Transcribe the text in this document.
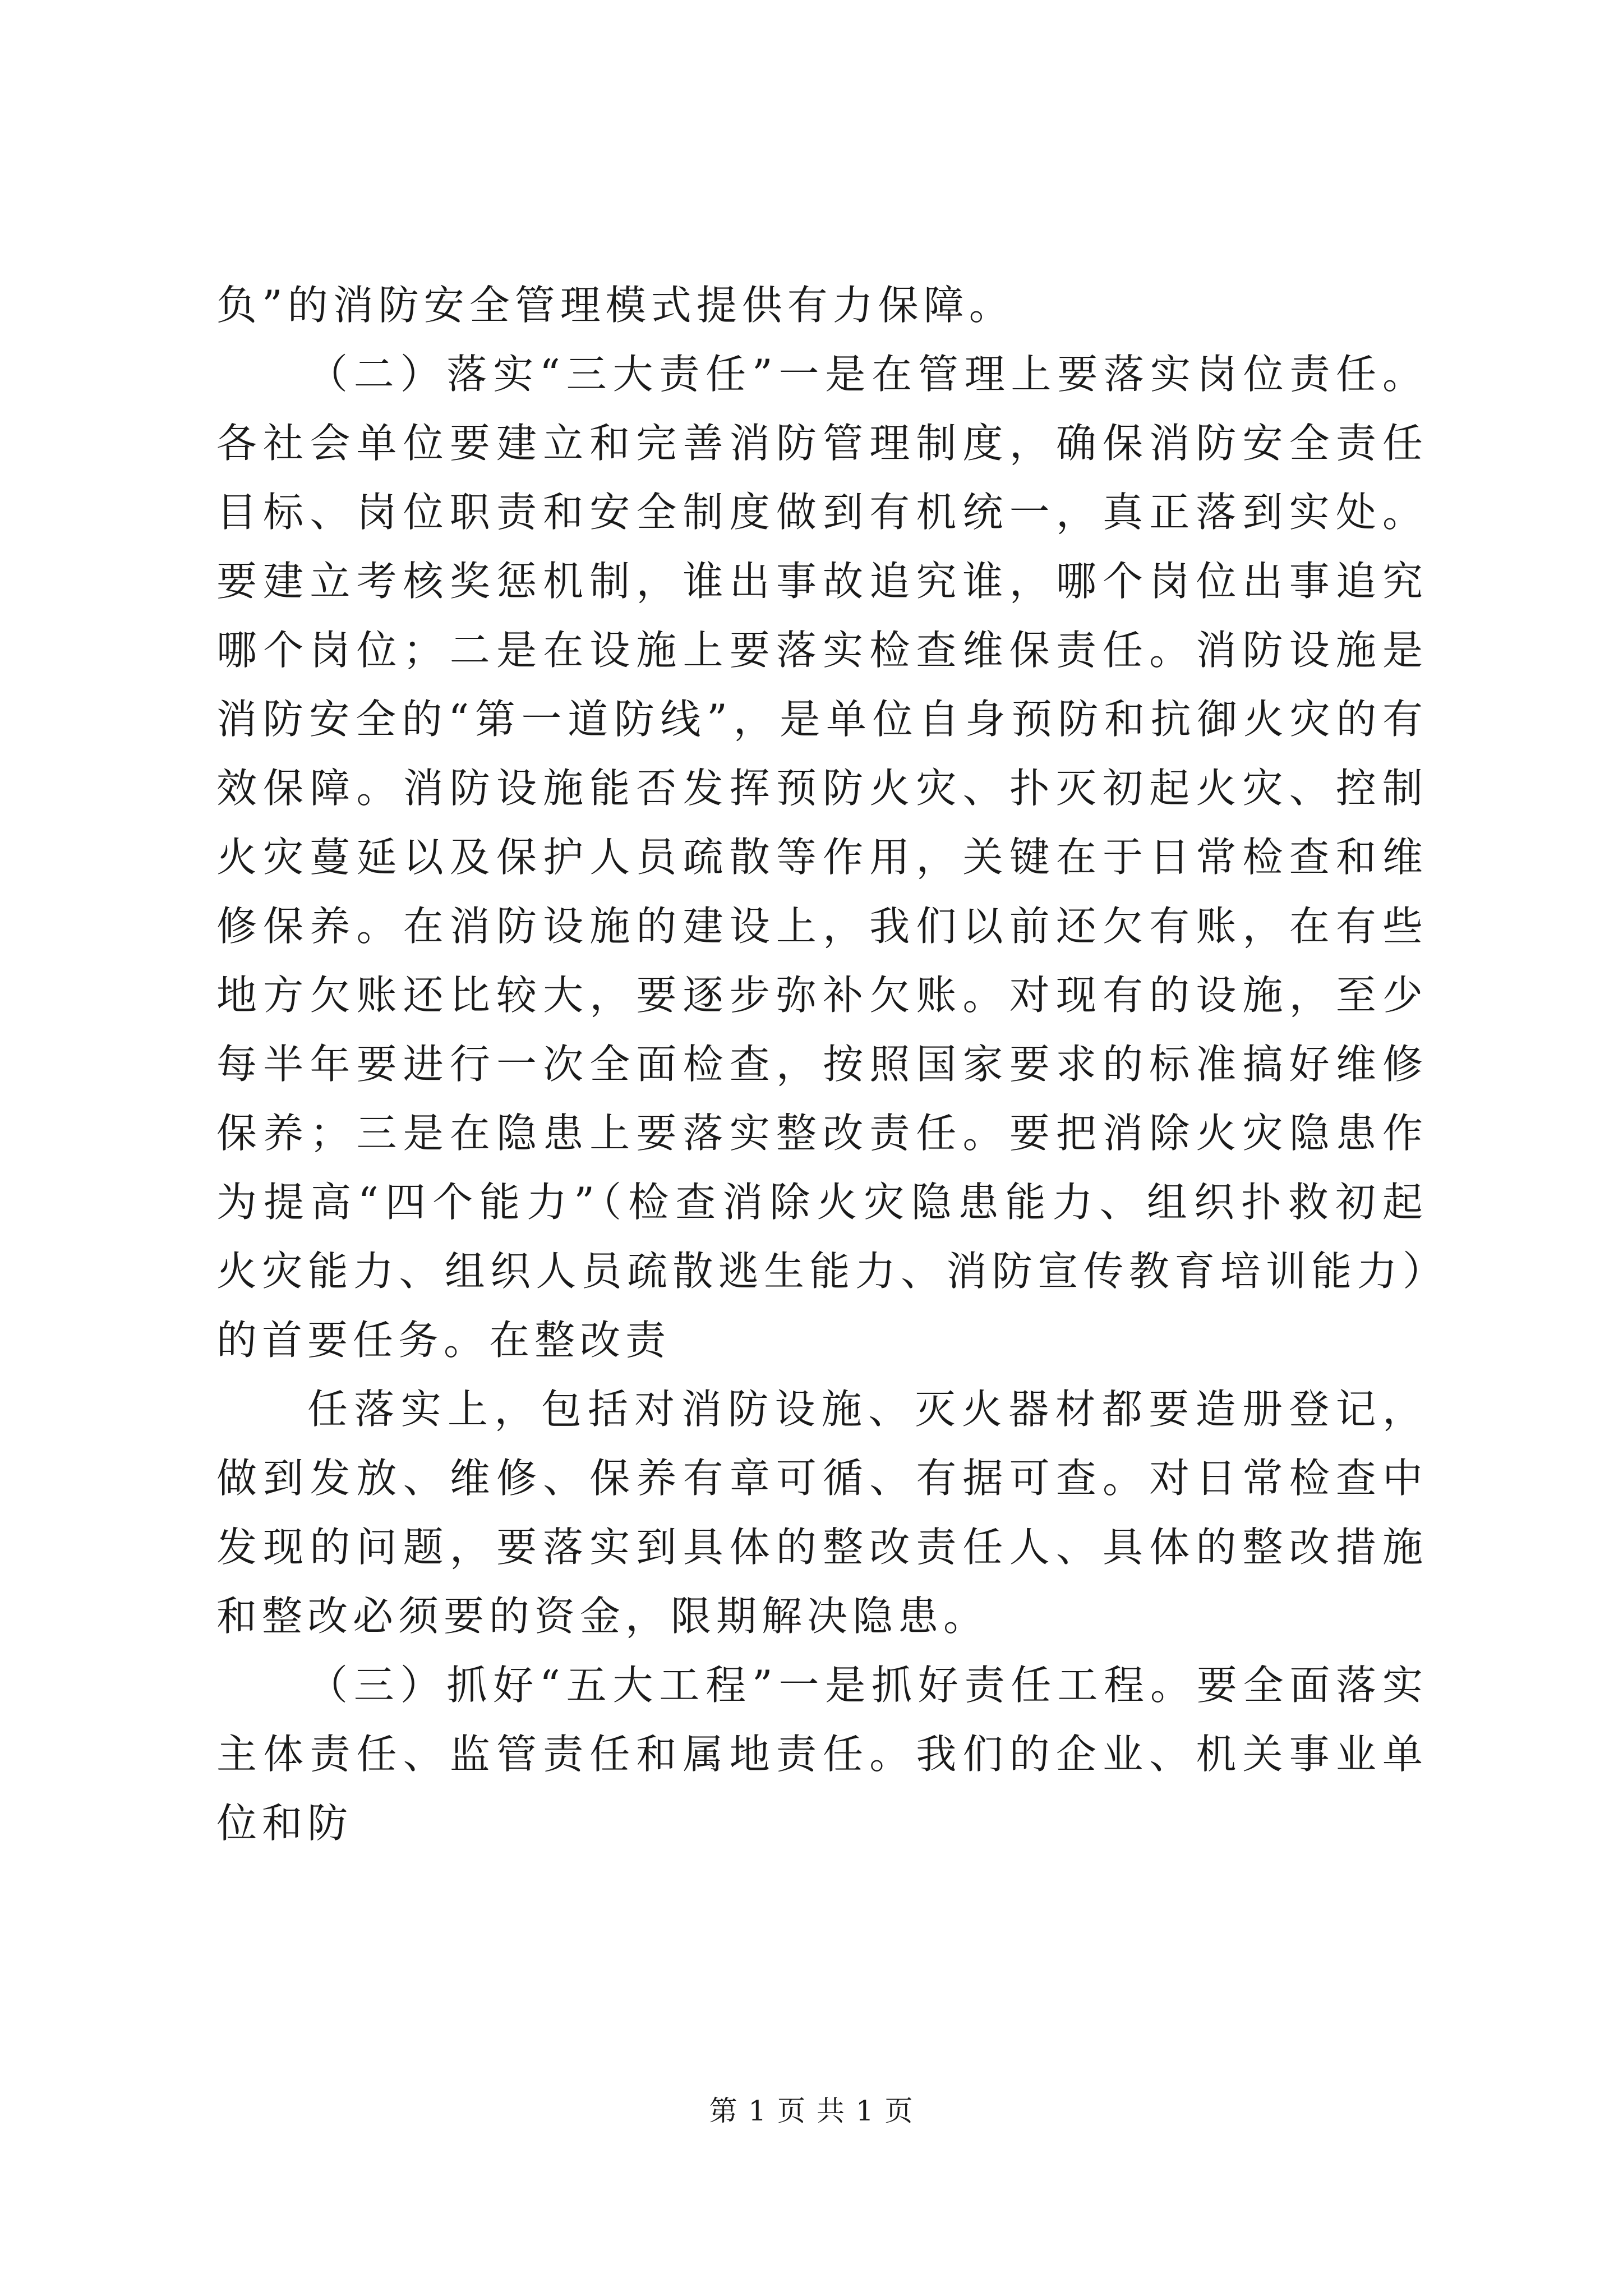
负”的消防安全管理模式提供有力保障。

（二）落实“三大责任”一是在管理上要落实岗位责任。各社会单位要建立和完善消防管理制度，确保消防安全责任目标、岗位职责和安全制度做到有机统一，真正落到实处。要建立考核奖惩机制，谁出事故追究谁，哪个岗位出事追究哪个岗位；二是在设施上要落实检查维保责任。消防设施是消防安全的“第一道防线”，是单位自身预防和抗御火灾的有效保障。消防设施能否发挥预防火灾、扑灭初起火灾、控制火灾蔓延以及保护人员疏散等作用，关键在于日常检查和维修保养。在消防设施的建设上，我们以前还欠有账，在有些地方欠账还比较大，要逐步弥补欠账。对现有的设施，至少每半年要进行一次全面检查，按照国家要求的标准搞好维修保养；三是在隐患上要落实整改责任。要把消除火灾隐患作为提高“四个能力”（检查消除火灾隐患能力、组织扑救初起火灾能力、组织人员疏散逃生能力、消防宣传教育培训能力）的首要任务。在整改责

任落实上，包括对消防设施、灭火器材都要造册登记，做到发放、维修、保养有章可循、有据可查。对日常检查中发现的问题，要落实到具体的整改责任人、具体的整改措施和整改必须要的资金，限期解决隐患。

（三）抓好“五大工程”一是抓好责任工程。要全面落实主体责任、监管责任和属地责任。我们的企业、机关事业单位和防

第 1 页 共 1 页
